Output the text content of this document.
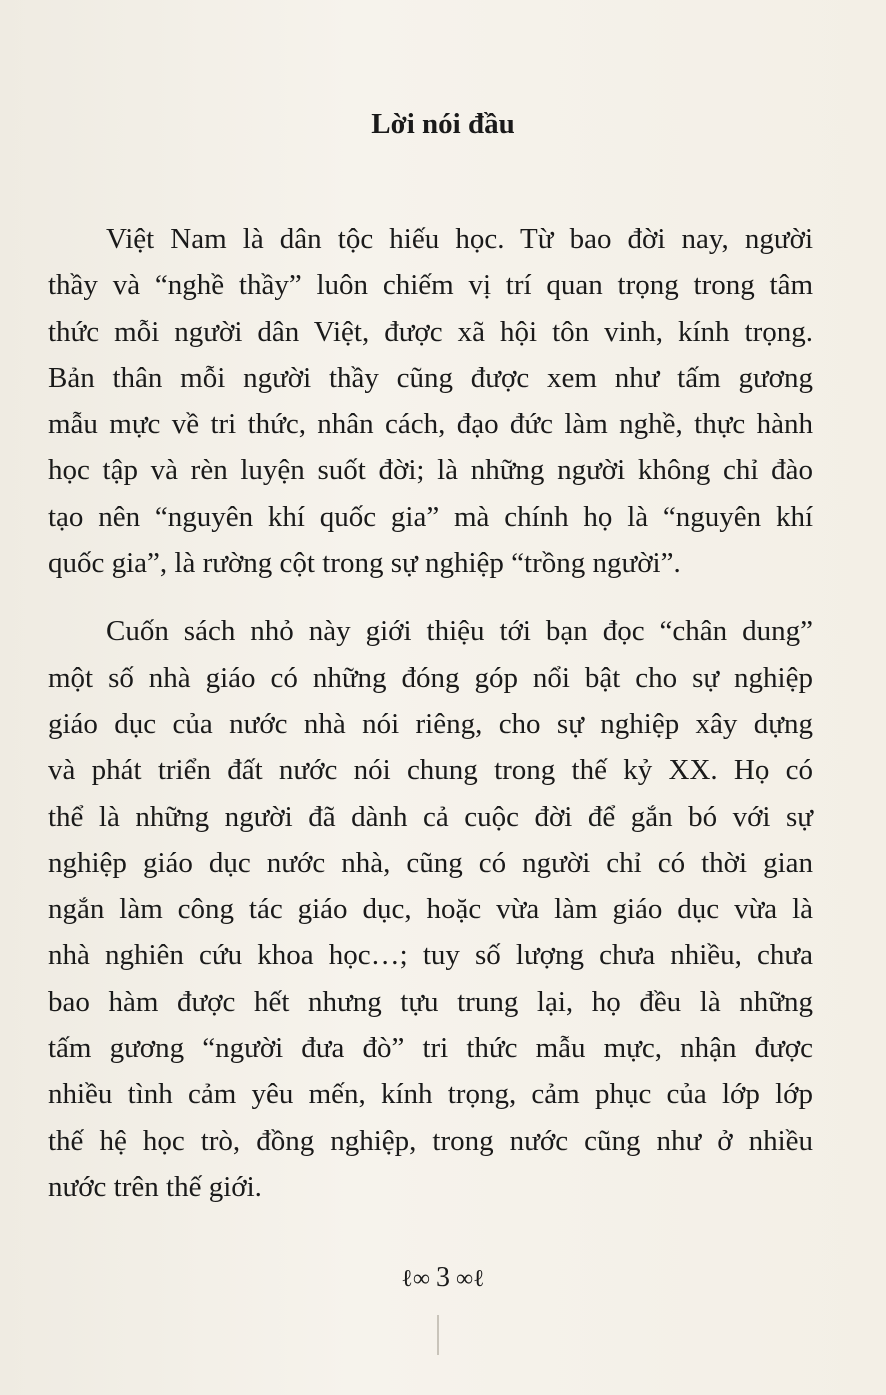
Lời nói đầu
Việt Nam là dân tộc hiếu học. Từ bao đời nay, người
thầy và “nghề thầy” luôn chiếm vị trí quan trọng trong tâm
thức mỗi người dân Việt, được xã hội tôn vinh, kính trọng.
Bản thân mỗi người thầy cũng được xem như tấm gương
mẫu mực về tri thức, nhân cách, đạo đức làm nghề, thực hành
học tập và rèn luyện suốt đời; là những người không chỉ đào
tạo nên “nguyên khí quốc gia” mà chính họ là “nguyên khí
quốc gia”, là rường cột trong sự nghiệp “trồng người”.
Cuốn sách nhỏ này giới thiệu tới bạn đọc “chân dung”
một số nhà giáo có những đóng góp nổi bật cho sự nghiệp
giáo dục của nước nhà nói riêng, cho sự nghiệp xây dựng
và phát triển đất nước nói chung trong thế kỷ XX. Họ có
thể là những người đã dành cả cuộc đời để gắn bó với sự
nghiệp giáo dục nước nhà, cũng có người chỉ có thời gian
ngắn làm công tác giáo dục, hoặc vừa làm giáo dục vừa là
nhà nghiên cứu khoa học…; tuy số lượng chưa nhiều, chưa
bao hàm được hết nhưng tựu trung lại, họ đều là những
tấm gương “người đưa đò” tri thức mẫu mực, nhận được
nhiều tình cảm yêu mến, kính trọng, cảm phục của lớp lớp
thế hệ học trò, đồng nghiệp, trong nước cũng như ở nhiều
nước trên thế giới.
ℓ∞ 3 ∞ℓ
